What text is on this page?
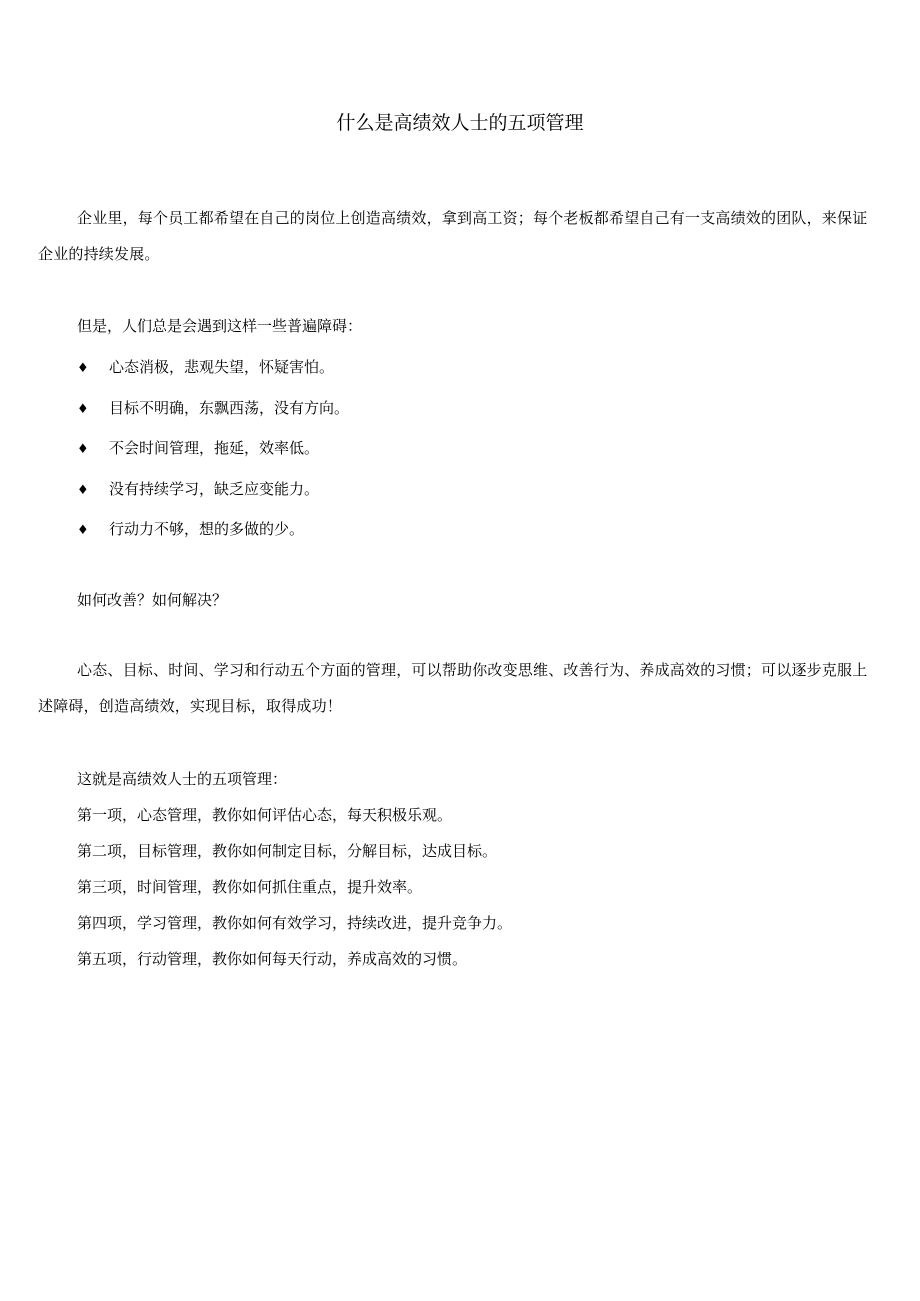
什么是高绩效人士的五项管理
企业里，每个员工都希望在自己的岗位上创造高绩效，拿到高工资；每个老板都希望自己有一支高绩效的团队，来保证企业的持续发展。
但是，人们总是会遇到这样一些普遍障碍：
♦ 心态消极，悲观失望，怀疑害怕。
♦ 目标不明确，东飘西荡，没有方向。
♦ 不会时间管理，拖延，效率低。
♦ 没有持续学习，缺乏应变能力。
♦ 行动力不够，想的多做的少。
如何改善？如何解决？
心态、目标、时间、学习和行动五个方面的管理，可以帮助你改变思维、改善行为、养成高效的习惯；可以逐步克服上述障碍，创造高绩效，实现目标，取得成功！
这就是高绩效人士的五项管理：
第一项，心态管理，教你如何评估心态，每天积极乐观。
第二项，目标管理，教你如何制定目标，分解目标，达成目标。
第三项，时间管理，教你如何抓住重点，提升效率。
第四项，学习管理，教你如何有效学习，持续改进，提升竞争力。
第五项，行动管理，教你如何每天行动，养成高效的习惯。
